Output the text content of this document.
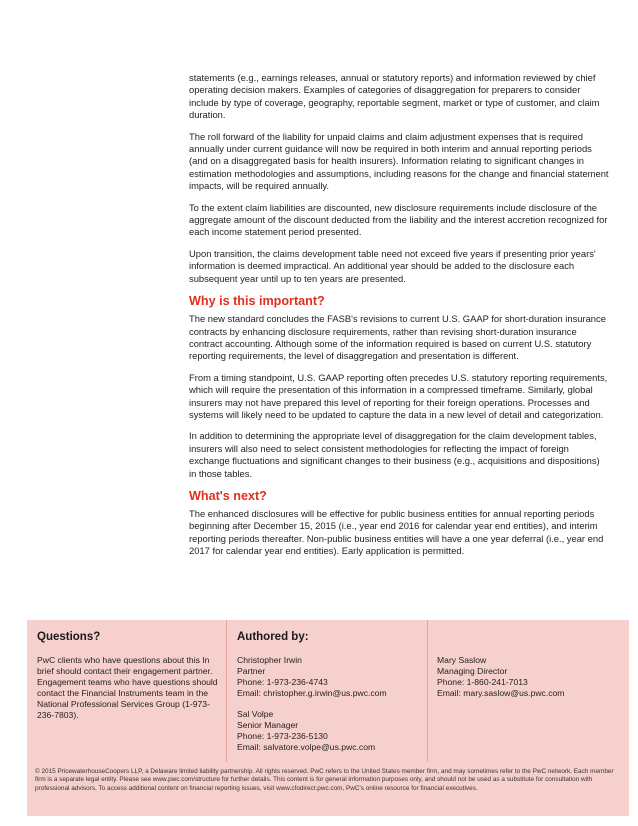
statements (e.g., earnings releases, annual or statutory reports) and information reviewed by chief operating decision makers. Examples of categories of disaggregation for preparers to consider include by type of coverage, geography, reportable segment, market or type of customer, and claim duration.

The roll forward of the liability for unpaid claims and claim adjustment expenses that is required annually under current guidance will now be required in both interim and annual reporting periods (and on a disaggregated basis for health insurers). Information relating to significant changes in estimation methodologies and assumptions, including reasons for the change and financial statement impacts, will be required annually.

To the extent claim liabilities are discounted, new disclosure requirements include disclosure of the aggregate amount of the discount deducted from the liability and the interest accretion recognized for each income statement period presented.

Upon transition, the claims development table need not exceed five years if presenting prior years' information is deemed impractical. An additional year should be added to the disclosure each subsequent year until up to ten years are presented.

Why is this important?

The new standard concludes the FASB's revisions to current U.S. GAAP for short-duration insurance contracts by enhancing disclosure requirements, rather than revising short-duration insurance contract accounting. Although some of the information required is based on current U.S. statutory reporting requirements, the level of disaggregation and presentation is different.

From a timing standpoint, U.S. GAAP reporting often precedes U.S. statutory reporting requirements, which will require the presentation of this information in a compressed timeframe. Similarly, global insurers may not have prepared this level of reporting for their foreign operations. Processes and systems will likely need to be updated to capture the data in a new level of detail and categorization.

In addition to determining the appropriate level of disaggregation for the claim development tables, insurers will also need to select consistent methodologies for reflecting the impact of foreign exchange fluctuations and significant changes to their business (e.g., acquisitions and dispositions) in those tables.

What's next?

The enhanced disclosures will be effective for public business entities for annual reporting periods beginning after December 15, 2015 (i.e., year end 2016 for calendar year end entities), and interim reporting periods thereafter. Non-public business entities will have a one year deferral (i.e., year end 2017 for calendar year end entities). Early application is permitted.

Questions?

PwC clients who have questions about this In brief should contact their engagement partner. Engagement teams who have questions should contact the Financial Instruments team in the National Professional Services Group (1-973-236-7803).

Authored by:
Christopher Irwin
Partner
Phone: 1-973-236-4743
Email: christopher.g.irwin@us.pwc.com
Sal Volpe
Senior Manager
Phone: 1-973-236-5130
Email: salvatore.volpe@us.pwc.com
Mary Saslow
Managing Director
Phone: 1-860-241-7013
Email: mary.saslow@us.pwc.com
© 2015 PricewaterhouseCoopers LLP, a Delaware limited liability partnership. All rights reserved. PwC refers to the United States member firm, and may sometimes refer to the PwC network. Each member firm is a separate legal entity. Please see www.pwc.com/structure for further details. This content is for general information purposes only, and should not be used as a substitute for consultation with professional advisors. To access additional content on financial reporting issues, visit www.cfodirect.pwc.com, PwC's online resource for financial executives.
